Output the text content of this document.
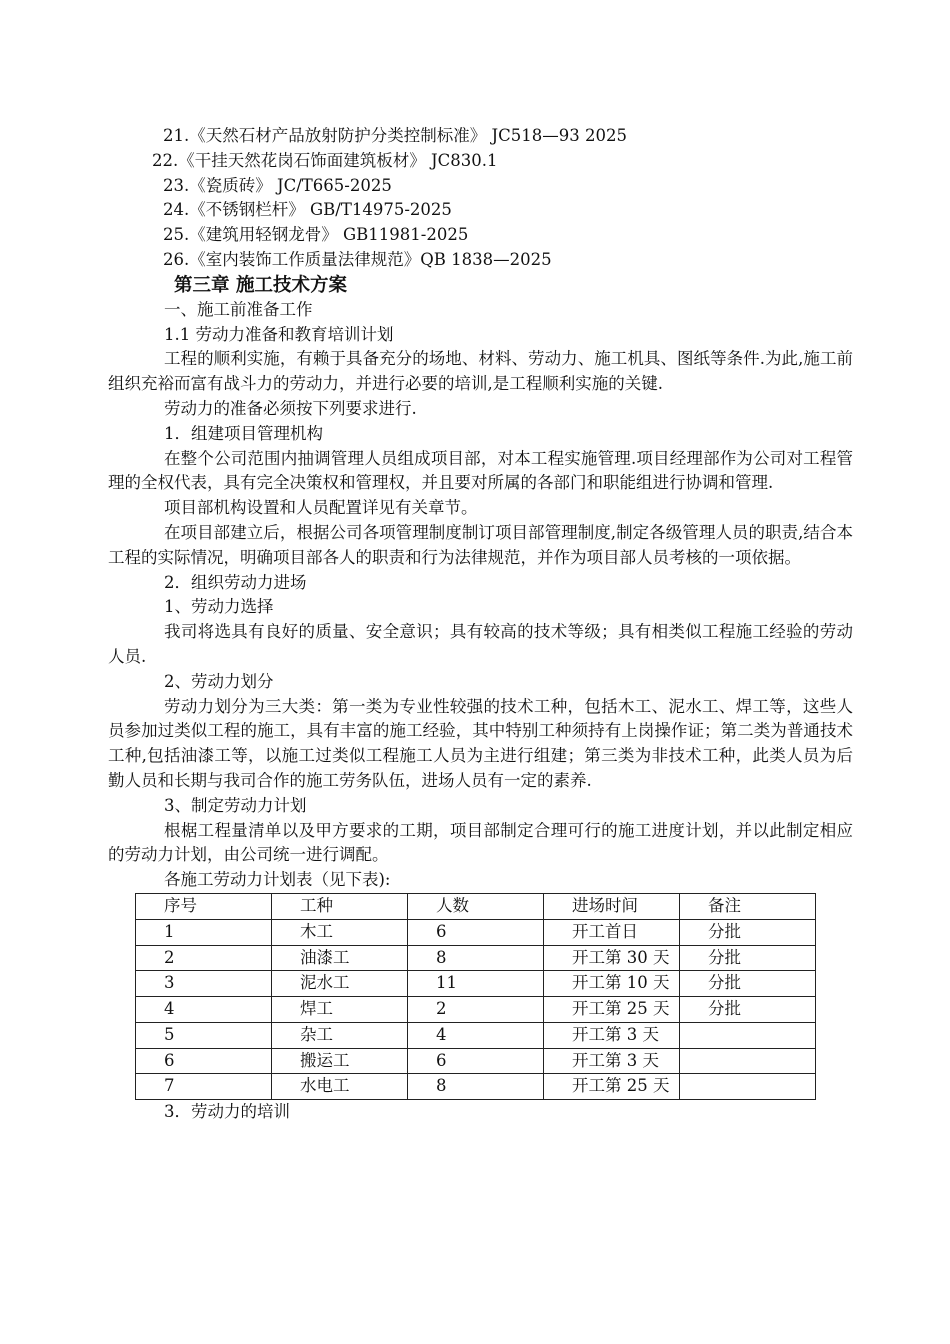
21.《天然石材产品放射防护分类控制标准》 JC518—93 2025
22.《干挂天然花岗石饰面建筑板材》 JC830.1
23.《瓷质砖》 JC/T665-2025
24.《不锈钢栏杆》 GB/T14975-2025
25.《建筑用轻钢龙骨》 GB11981-2025
26.《室内装饰工作质量法律规范》QB 1838—2025
第三章 施工技术方案
一、施工前准备工作
1.1 劳动力准备和教育培训计划
工程的顺利实施，有赖于具备充分的场地、材料、劳动力、施工机具、图纸等条件.为此,施工前组织充裕而富有战斗力的劳动力，并进行必要的培训,是工程顺利实施的关键.
劳动力的准备必须按下列要求进行.
1．组建项目管理机构
在整个公司范围内抽调管理人员组成项目部，对本工程实施管理.项目经理部作为公司对工程管理的全权代表，具有完全决策权和管理权，并且要对所属的各部门和职能组进行协调和管理.
项目部机构设置和人员配置详见有关章节。
在项目部建立后，根据公司各项管理制度制订项目部管理制度,制定各级管理人员的职责,结合本工程的实际情况，明确项目部各人的职责和行为法律规范，并作为项目部人员考核的一项依据。
2．组织劳动力进场
1、劳动力选择
我司将选具有良好的质量、安全意识；具有较高的技术等级；具有相类似工程施工经验的劳动人员.
2、劳动力划分
劳动力划分为三大类：第一类为专业性较强的技术工种，包括木工、泥水工、焊工等，这些人员参加过类似工程的施工，具有丰富的施工经验，其中特别工种须持有上岗操作证；第二类为普通技术工种,包括油漆工等，以施工过类似工程施工人员为主进行组建；第三类为非技术工种，此类人员为后勤人员和长期与我司合作的施工劳务队伍，进场人员有一定的素养.
3、制定劳动力计划
根椐工程量清单以及甲方要求的工期，项目部制定合理可行的施工进度计划，并以此制定相应的劳动力计划，由公司统一进行调配。
各施工劳动力计划表（见下表):
序号	工种	人数	进场时间	备注
1	木工	6	开工首日	分批
2	油漆工	8	开工第 30 天	分批
3	泥水工	11	开工第 10 天	分批
4	焊工	2	开工第 25 天	分批
5	杂工	4	开工第 3 天	
6	搬运工	6	开工第 3 天	
7	水电工	8	开工第 25 天	
3．劳动力的培训
